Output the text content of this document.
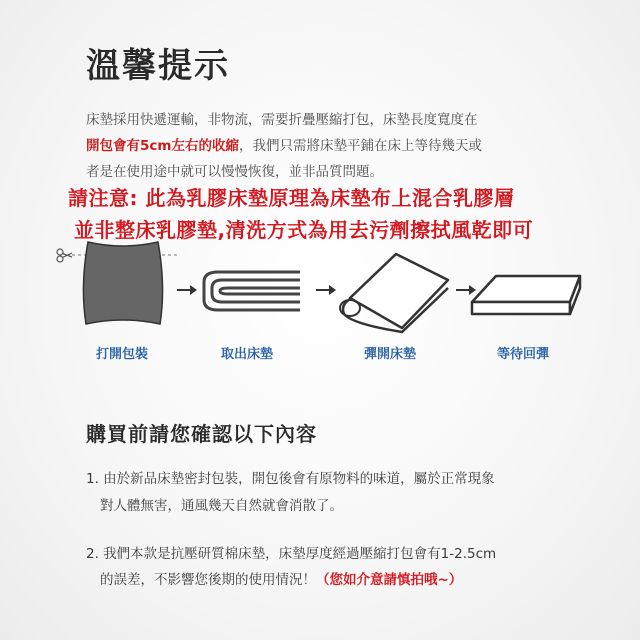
溫馨提示
床墊採用快遞運輸，非物流，需要折疊壓縮打包，床墊長度寬度在
開包會有5cm左右的收縮，我們只需將床墊平鋪在床上等待幾天或
者是在使用途中就可以慢慢恢復，並非品質問題。
請注意: 此為乳膠床墊原理為床墊布上混合乳膠層
並非整床乳膠墊,清洗方式為用去污劑擦拭風乾即可
打開包裝	取出床墊	彈開床墊	等待回彈
購買前請您確認以下內容
1. 由於新品床墊密封包裝，開包後會有原物料的味道，屬於正常現象
對人體無害，通風幾天自然就會消散了。
2. 我們本款是抗壓研質棉床墊，床墊厚度經過壓縮打包會有1-2.5cm
的誤差，不影響您後期的使用情況！（您如介意請慎拍哦~）
